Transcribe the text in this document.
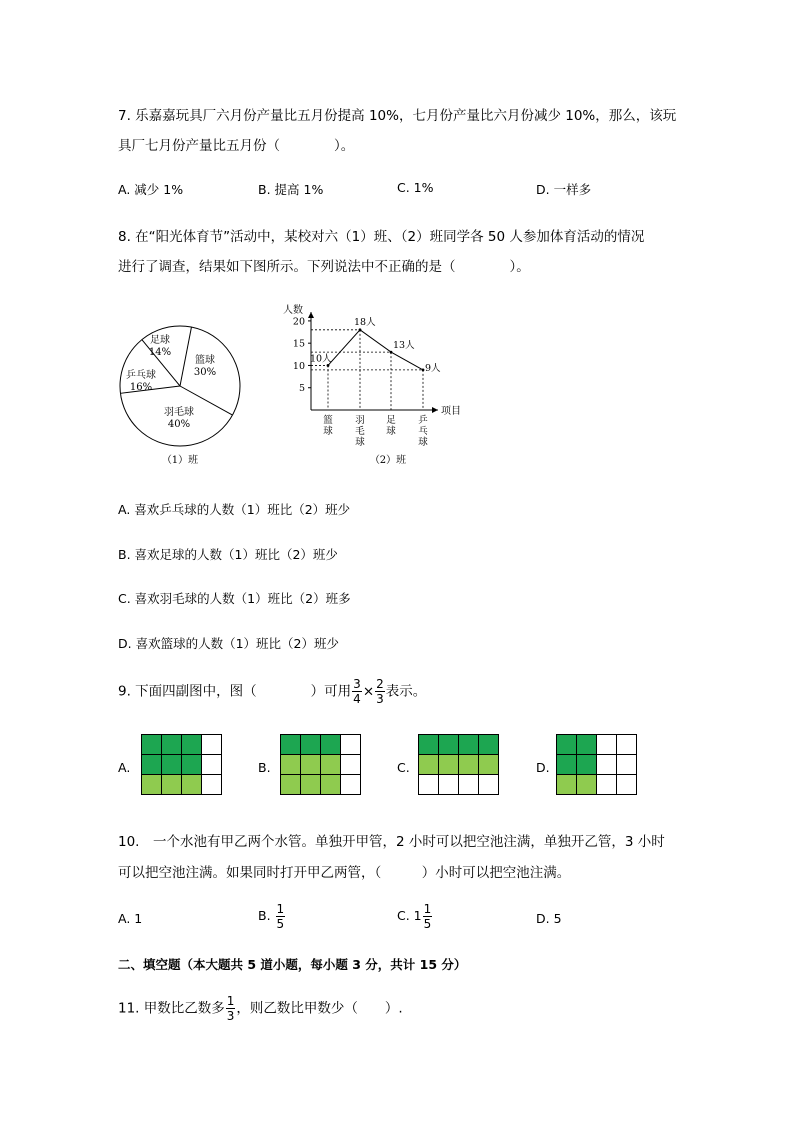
7. 乐嘉嘉玩具厂六月份产量比五月份提高 10%，七月份产量比六月份减少 10%，那么，该玩
具厂七月份产量比五月份（　　　　）。
A. 减少 1%	B. 提高 1%	C. 1%	D. 一样多
8. 在“阳光体育节”活动中，某校对六（1）班、（2）班同学各 50 人参加体育活动的情况
进行了调查，结果如下图所示。下列说法中不正确的是（　　　　）。
篮球
30%
羽毛球
40%
乒乓球
16%
足球
14%
（1）班
人数
项目
5
10
15
20
10人
18人
13人
9人
篮
球
羽
毛
球
足
球
乒
乓
球
（2）班
A. 喜欢乒乓球的人数（1）班比（2）班少
B. 喜欢足球的人数（1）班比（2）班少
C. 喜欢羽毛球的人数（1）班比（2）班多
D. 喜欢篮球的人数（1）班比（2）班少
9. 下面四副图中，图（　　　　）可用 $\frac{3}{4} \times \frac{2}{3}$ 表示。
A.	B.	C.	D.
10.　一个水池有甲乙两个水管。单独开甲管，2 小时可以把空池注满，单独开乙管，3 小时
可以把空池注满。如果同时打开甲乙两管，（　　　）小时可以把空池注满。
A. 1	B. $\frac{1}{5}$	C. $1 \frac{1}{5}$	D. 5
二、填空题（本大题共 5 道小题，每小题 3 分，共计 15 分）
11. 甲数比乙数多 $\frac{1}{3}$ ，则乙数比甲数少（　　）.
